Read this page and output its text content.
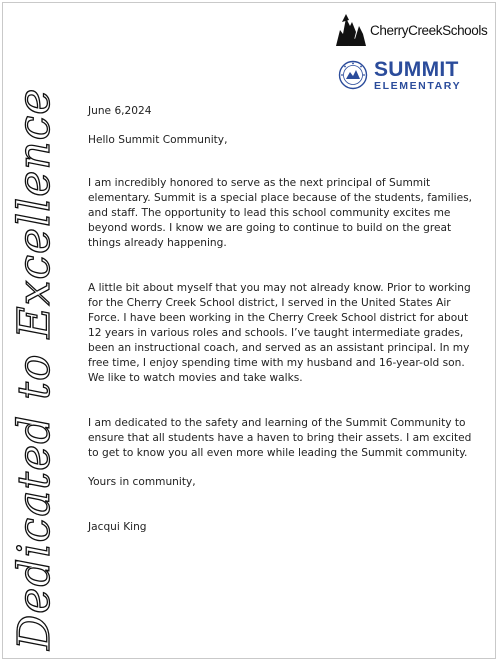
Dedicated to Excellence
CherryCreekSchools
SUMMIT
ELEMENTARY

June 6,2024

Hello Summit Community,

I am incredibly honored to serve as the next principal of Summit elementary. Summit is a special place because of the students, families, and staff. The opportunity to lead this school community excites me beyond words. I know we are going to continue to build on the great things already happening.

A little bit about myself that you may not already know. Prior to working for the Cherry Creek School district, I served in the United States Air Force. I have been working in the Cherry Creek School district for about 12 years in various roles and schools. I’ve taught intermediate grades, been an instructional coach, and served as an assistant principal. In my free time, I enjoy spending time with my husband and 16-year-old son. We like to watch movies and take walks.

I am dedicated to the safety and learning of the Summit Community to ensure that all students have a haven to bring their assets. I am excited to get to know you all even more while leading the Summit community.

Yours in community,

Jacqui King
